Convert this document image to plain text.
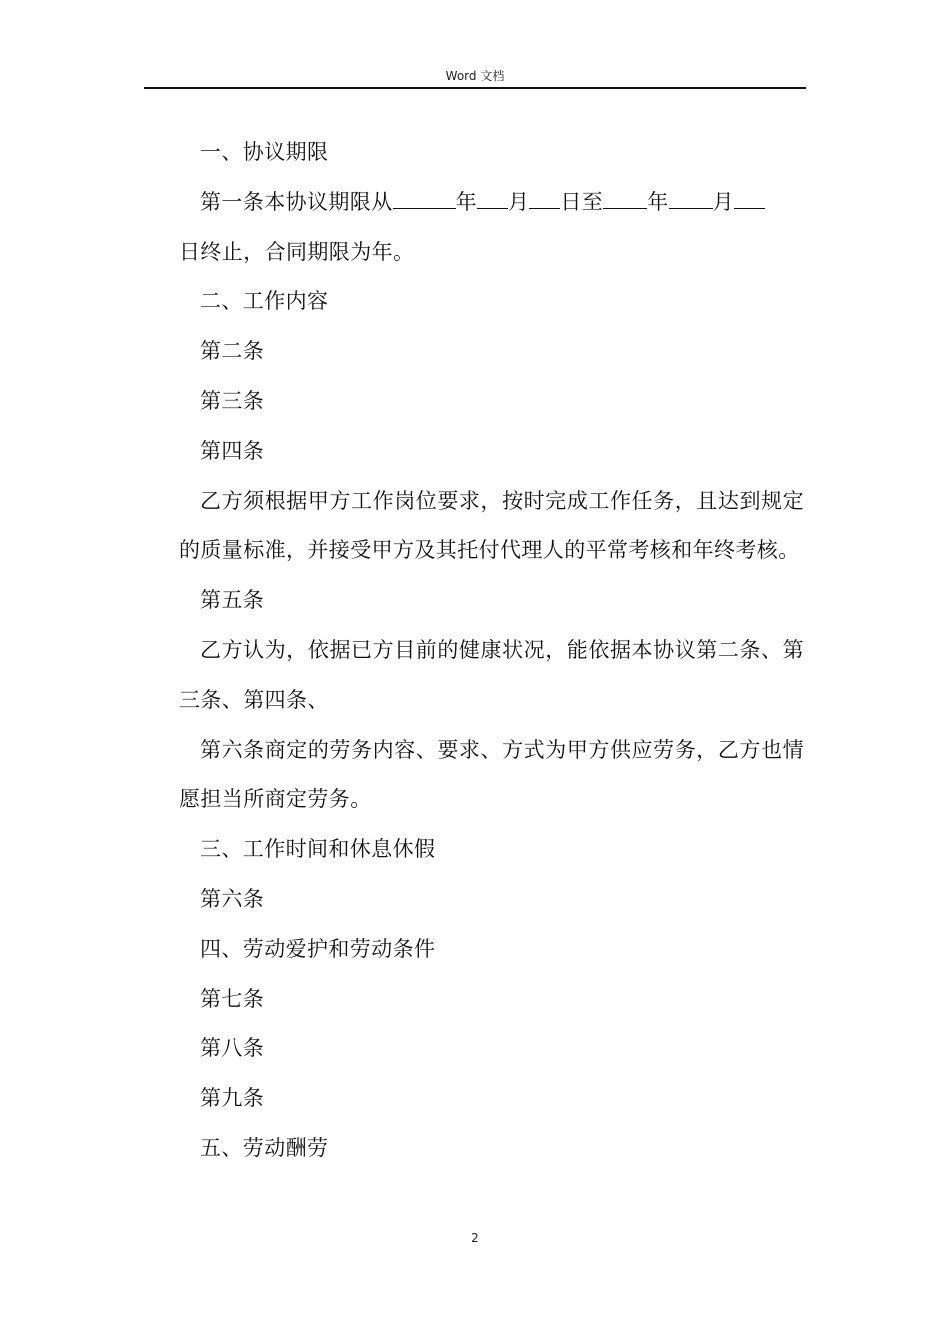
Word 文档

一、协议期限

第一条本协议期限从	年 月 日至 年 月

日终止，合同期限为年。

二、工作内容

第二条

第三条

第四条

乙方须根据甲方工作岗位要求，按时完成工作任务，且达到规定的质量标准，并接受甲方及其托付代理人的平常考核和年终考核。

第五条

乙方认为，依据已方目前的健康状况，能依据本协议第二条、第三条、第四条、

第六条商定的劳务内容、要求、方式为甲方供应劳务，乙方也情愿担当所商定劳务。

三、工作时间和休息休假

第六条

四、劳动爱护和劳动条件

第七条

第八条

第九条

五、劳动酬劳

2
